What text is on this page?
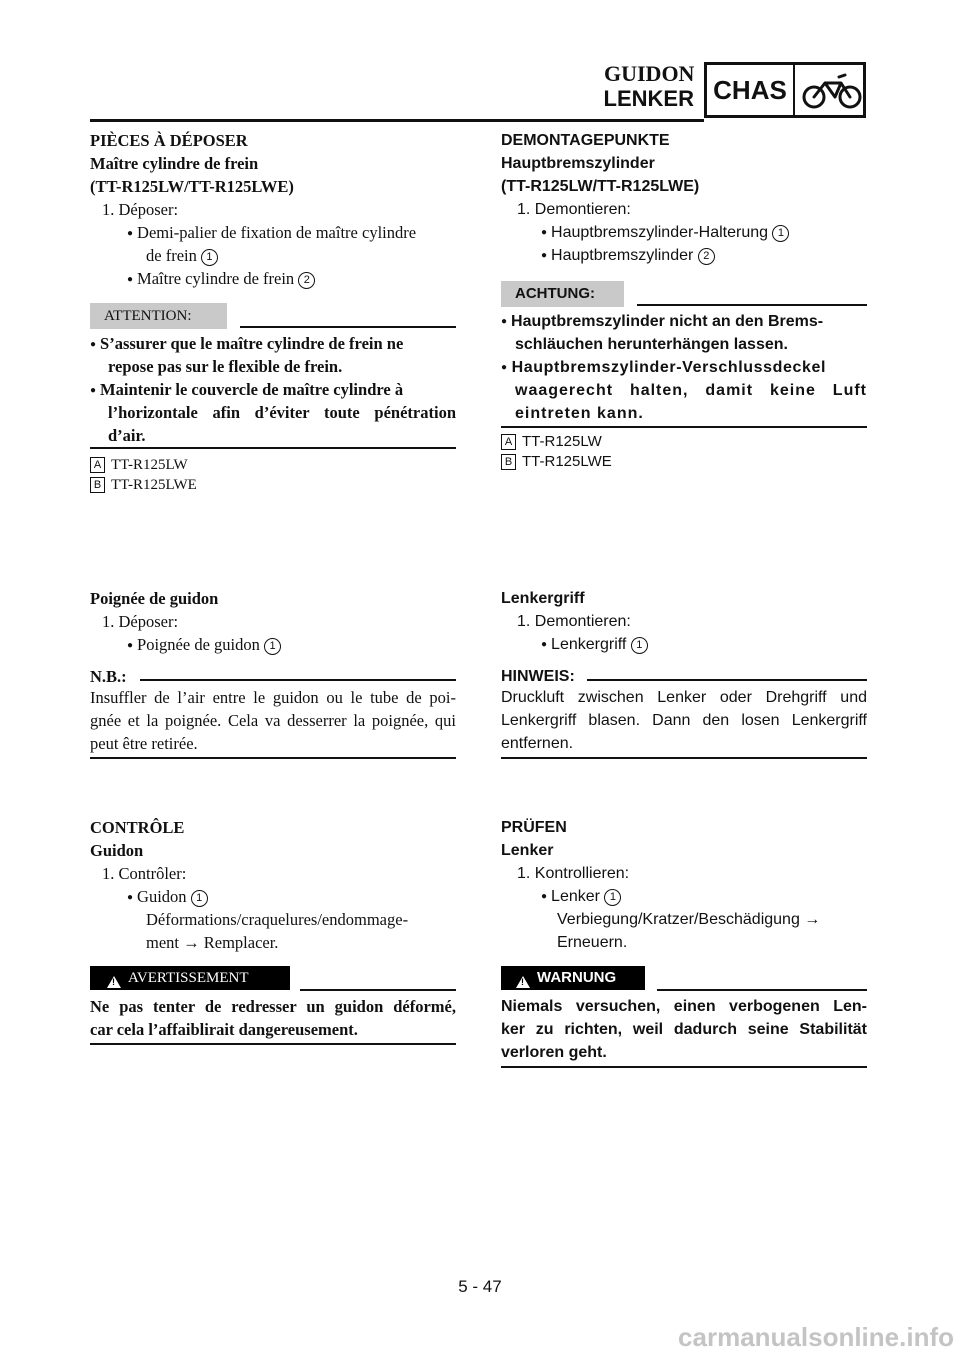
GUIDON
LENKER CHAS
PIÈCES À DÉPOSER
Maître cylindre de frein
(TT-R125LW/TT-R125LWE)
1. Déposer:
● Demi-palier de fixation de maître cylindre
de frein 1
● Maître cylindre de frein 2
ATTENTION:
● S’assurer que le maître cylindre de frein ne
repose pas sur le flexible de frein.
● Maintenir le couvercle de maître cylindre à
l’horizontale afin d’éviter toute pénétration
d’air.
A TT-R125LW
B TT-R125LWE
Poignée de guidon
1. Déposer:
● Poignée de guidon 1
N.B.:
Insuffler de l’air entre le guidon ou le tube de poi-
gnée et la poignée. Cela va desserrer la poignée, qui
peut être retirée.
CONTRÔLE
Guidon
1. Contrôler:
● Guidon 1
Déformations/craquelures/endommage-
ment → Remplacer.
! AVERTISSEMENT
Ne pas tenter de redresser un guidon déformé,
car cela l’affaiblirait dangereusement.
DEMONTAGEPUNKTE
Hauptbremszylinder
(TT-R125LW/TT-R125LWE)
1. Demontieren:
● Hauptbremszylinder-Halterung 1
● Hauptbremszylinder 2
ACHTUNG:
● Hauptbremszylinder nicht an den Brems-
schläuchen herunterhängen lassen.
● Hauptbremszylinder-Verschlussdeckel
waagerecht halten, damit keine Luft
eintreten kann.
A TT-R125LW
B TT-R125LWE
Lenkergriff
1. Demontieren:
● Lenkergriff 1
HINWEIS:
Druckluft zwischen Lenker oder Drehgriff und
Lenkergriff blasen. Dann den losen Lenkergriff
entfernen.
PRÜFEN
Lenker
1. Kontrollieren:
● Lenker 1
Verbiegung/Kratzer/Beschädigung →
Erneuern.
! WARNUNG
Niemals versuchen, einen verbogenen Len-
ker zu richten, weil dadurch seine Stabilität
verloren geht.
5 - 47
carmanualsonline.info
